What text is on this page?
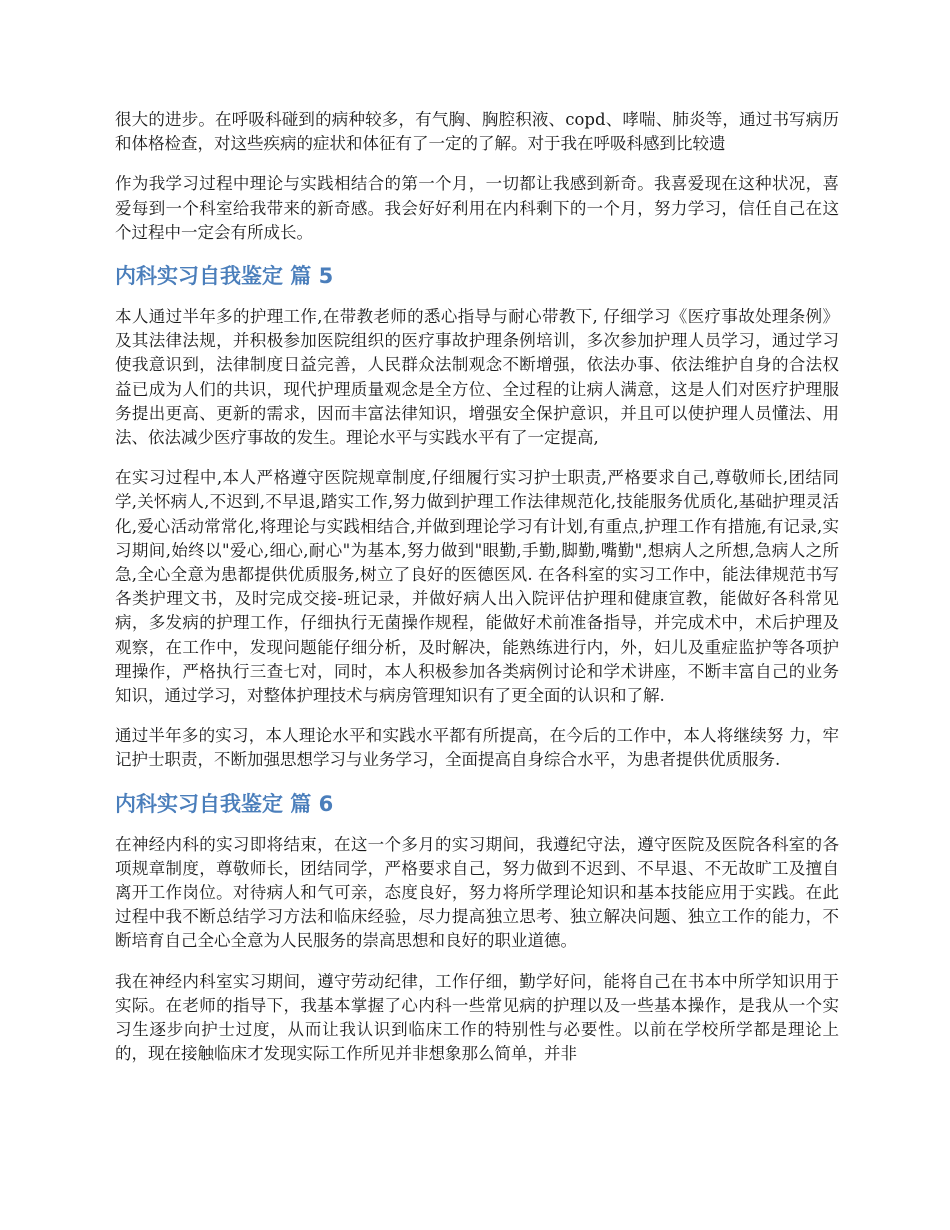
很大的进步。在呼吸科碰到的病种较多，有气胸、胸腔积液、copd、哮喘、肺炎等，通过书写病历和体格检查，对这些疾病的症状和体征有了一定的了解。对于我在呼吸科感到比较遗

作为我学习过程中理论与实践相结合的第一个月，一切都让我感到新奇。我喜爱现在这种状况，喜爱每到一个科室给我带来的新奇感。我会好好利用在内科剩下的一个月，努力学习，信任自己在这个过程中一定会有所成长。

内科实习自我鉴定 篇 5

本人通过半年多的护理工作,在带教老师的悉心指导与耐心带教下, 仔细学习《医疗事故处理条例》及其法律法规，并积极参加医院组织的医疗事故护理条例培训，多次参加护理人员学习，通过学习使我意识到，法律制度日益完善，人民群众法制观念不断增强，依法办事、依法维护自身的合法权益已成为人们的共识，现代护理质量观念是全方位、全过程的让病人满意，这是人们对医疗护理服务提出更高、更新的需求，因而丰富法律知识，增强安全保护意识，并且可以使护理人员懂法、用法、依法减少医疗事故的发生。理论水平与实践水平有了一定提高,

在实习过程中,本人严格遵守医院规章制度,仔细履行实习护士职责,严格要求自己,尊敬师长,团结同学,关怀病人,不迟到,不早退,踏实工作,努力做到护理工作法律规范化,技能服务优质化,基础护理灵活化,爱心活动常常化,将理论与实践相结合,并做到理论学习有计划,有重点,护理工作有措施,有记录,实习期间,始终以"爱心,细心,耐心"为基本,努力做到"眼勤,手勤,脚勤,嘴勤",想病人之所想,急病人之所急,全心全意为患都提供优质服务,树立了良好的医德医风. 在各科室的实习工作中，能法律规范书写各类护理文书，及时完成交接-班记录，并做好病人出入院评估护理和健康宣教，能做好各科常见病，多发病的护理工作，仔细执行无菌操作规程，能做好术前准备指导，并完成术中，术后护理及观察，在工作中，发现问题能仔细分析，及时解决，能熟练进行内，外，妇儿及重症监护等各项护理操作，严格执行三查七对，同时，本人积极参加各类病例讨论和学术讲座，不断丰富自己的业务知识，通过学习，对整体护理技术与病房管理知识有了更全面的认识和了解.

通过半年多的实习，本人理论水平和实践水平都有所提高，在今后的工作中，本人将继续努 力，牢记护士职责，不断加强思想学习与业务学习，全面提高自身综合水平，为患者提供优质服务.

内科实习自我鉴定 篇 6

在神经内科的实习即将结束，在这一个多月的实习期间，我遵纪守法，遵守医院及医院各科室的各项规章制度，尊敬师长，团结同学，严格要求自己，努力做到不迟到、不早退、不无故旷工及擅自离开工作岗位。对待病人和气可亲，态度良好，努力将所学理论知识和基本技能应用于实践。在此过程中我不断总结学习方法和临床经验，尽力提高独立思考、独立解决问题、独立工作的能力，不断培育自己全心全意为人民服务的崇高思想和良好的职业道德。

我在神经内科室实习期间，遵守劳动纪律，工作仔细，勤学好问，能将自己在书本中所学知识用于实际。在老师的指导下，我基本掌握了心内科一些常见病的护理以及一些基本操作，是我从一个实习生逐步向护士过度，从而让我认识到临床工作的特别性与必要性。以前在学校所学都是理论上的，现在接触临床才发现实际工作所见并非想象那么简单，并非
